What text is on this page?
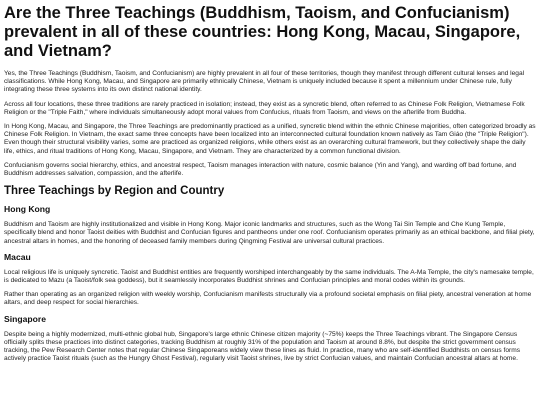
Are the Three Teachings (Buddhism, Taoism, and Confucianism) prevalent in all of these countries: Hong Kong, Macau, Singapore, and Vietnam?

Yes, the Three Teachings (Buddhism, Taoism, and Confucianism) are highly prevalent in all four of these territories, though they manifest through different cultural lenses and legal classifications. While Hong Kong, Macau, and Singapore are primarily ethnically Chinese, Vietnam is uniquely included because it spent a millennium under Chinese rule, fully integrating these three systems into its own distinct national identity.

Across all four locations, these three traditions are rarely practiced in isolation; instead, they exist as a syncretic blend, often referred to as Chinese Folk Religion, Vietnamese Folk Religion or the "Triple Faith," where individuals simultaneously adopt moral values from Confucius, rituals from Taoism, and views on the afterlife from Buddha.

In Hong Kong, Macau, and Singapore, the Three Teachings are predominantly practiced as a unified, syncretic blend within the ethnic Chinese majorities, often categorized broadly as Chinese Folk Religion. In Vietnam, the exact same three concepts have been localized into an interconnected cultural foundation known natively as Tam Giáo (the "Triple Religion"). Even though their structural visibility varies, some are practiced as organized religions, while others exist as an overarching cultural framework, but they collectively shape the daily life, ethics, and ritual traditions of Hong Kong, Macau, Singapore, and Vietnam. They are characterized by a common functional division.

Confucianism governs social hierarchy, ethics, and ancestral respect, Taoism manages interaction with nature, cosmic balance (Yin and Yang), and warding off bad fortune, and Buddhism addresses salvation, compassion, and the afterlife.

Three Teachings by Region and Country
Hong Kong

Buddhism and Taoism are highly institutionalized and visible in Hong Kong. Major iconic landmarks and structures, such as the Wong Tai Sin Temple and Che Kung Temple, specifically blend and honor Taoist deities with Buddhist and Confucian figures and pantheons under one roof. Confucianism operates primarily as an ethical backbone, and filial piety, ancestral altars in homes, and the honoring of deceased family members during Qingming Festival are universal cultural practices.

Macau

Local religious life is uniquely syncretic. Taoist and Buddhist entities are frequently worshiped interchangeably by the same individuals. The A-Ma Temple, the city's namesake temple, is dedicated to Mazu (a Taoist/folk sea goddess), but it seamlessly incorporates Buddhist shrines and Confucian principles and moral codes within its grounds.

Rather than operating as an organized religion with weekly worship, Confucianism manifests structurally via a profound societal emphasis on filial piety, ancestral veneration at home altars, and deep respect for social hierarchies.

Singapore

Despite being a highly modernized, multi-ethnic global hub, Singapore's large ethnic Chinese citizen majority (~75%) keeps the Three Teachings vibrant. The Singapore Census officially splits these practices into distinct categories, tracking Buddhism at roughly 31% of the population and Taoism at around 8.8%, but despite the strict government census tracking, the Pew Research Center notes that regular Chinese Singaporeans widely view these lines as fluid. In practice, many who are self-identified Buddhists on census forms actively practice Taoist rituals (such as the Hungry Ghost Festival), regularly visit Taoist shrines, live by strict Confucian values, and maintain Confucian ancestral altars at home.
